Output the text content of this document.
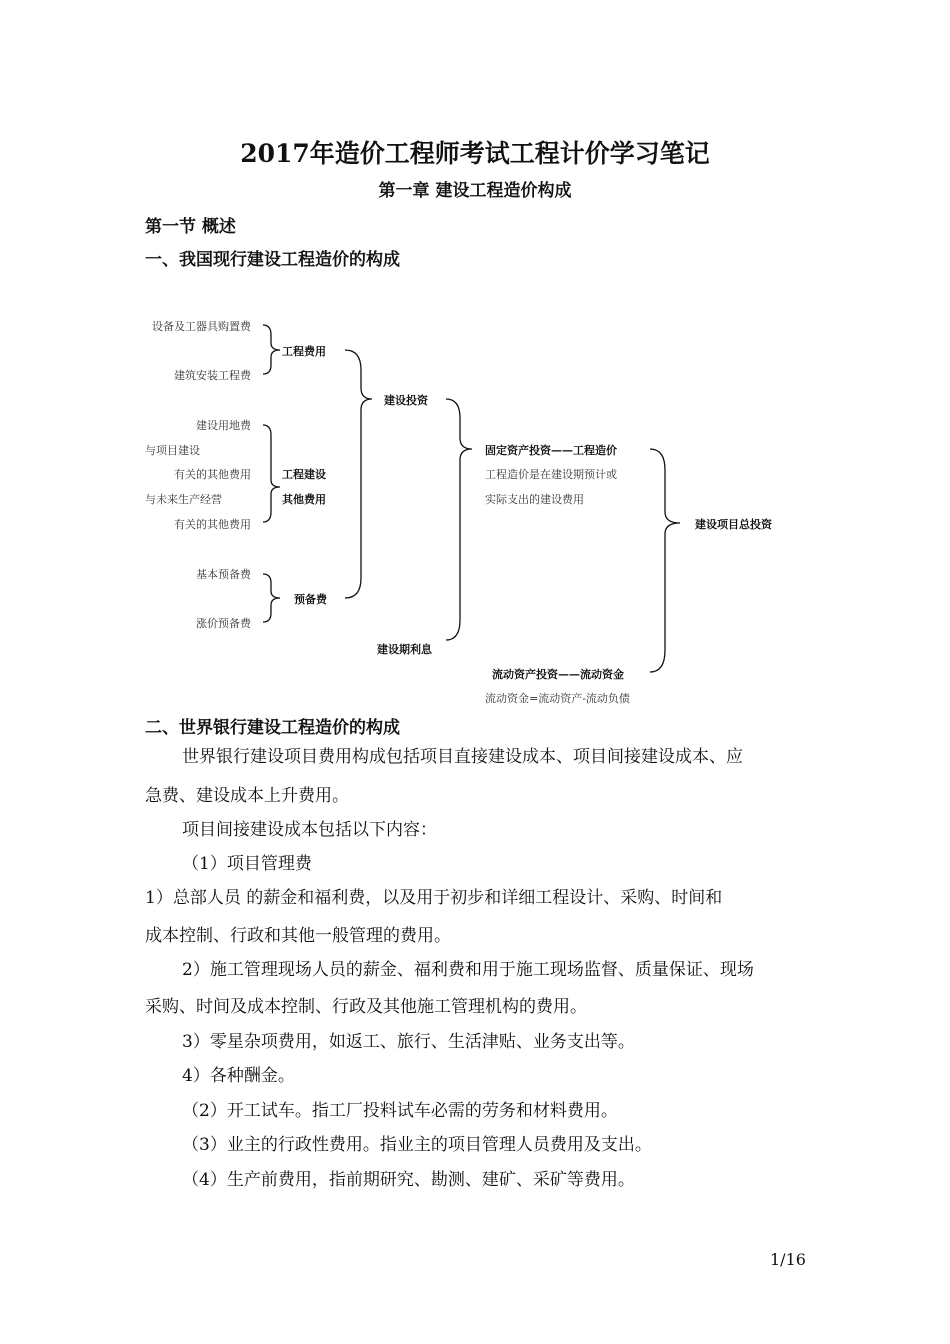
2017年造价工程师考试工程计价学习笔记
第一章 建设工程造价构成
第一节 概述
一、我国现行建设工程造价的构成
设备及工器具购置费
建筑安装工程费
工程费用
建设用地费
与项目建设
有关的其他费用
与未来生产经营
有关的其他费用
工程建设
其他费用
基本预备费
涨价预备费
预备费
建设投资
建设期利息
固定资产投资——工程造价
工程造价是在建设期预计或
实际支出的建设费用
建设项目总投资
流动资产投资——流动资金
流动资金=流动资产-流动负债
二、世界银行建设工程造价的构成
世界银行建设项目费用构成包括项目直接建设成本、项目间接建设成本、应
急费、建设成本上升费用。
项目间接建设成本包括以下内容：
（1）项目管理费
1）总部人员 的薪金和福利费，以及用于初步和详细工程设计、采购、时间和
成本控制、行政和其他一般管理的费用。
2）施工管理现场人员的薪金、福利费和用于施工现场监督、质量保证、现场
采购、时间及成本控制、行政及其他施工管理机构的费用。
3）零星杂项费用，如返工、旅行、生活津贴、业务支出等。
4）各种酬金。
（2）开工试车。指工厂投料试车必需的劳务和材料费用。
（3）业主的行政性费用。指业主的项目管理人员费用及支出。
（4）生产前费用，指前期研究、勘测、建矿、采矿等费用。
1/16
